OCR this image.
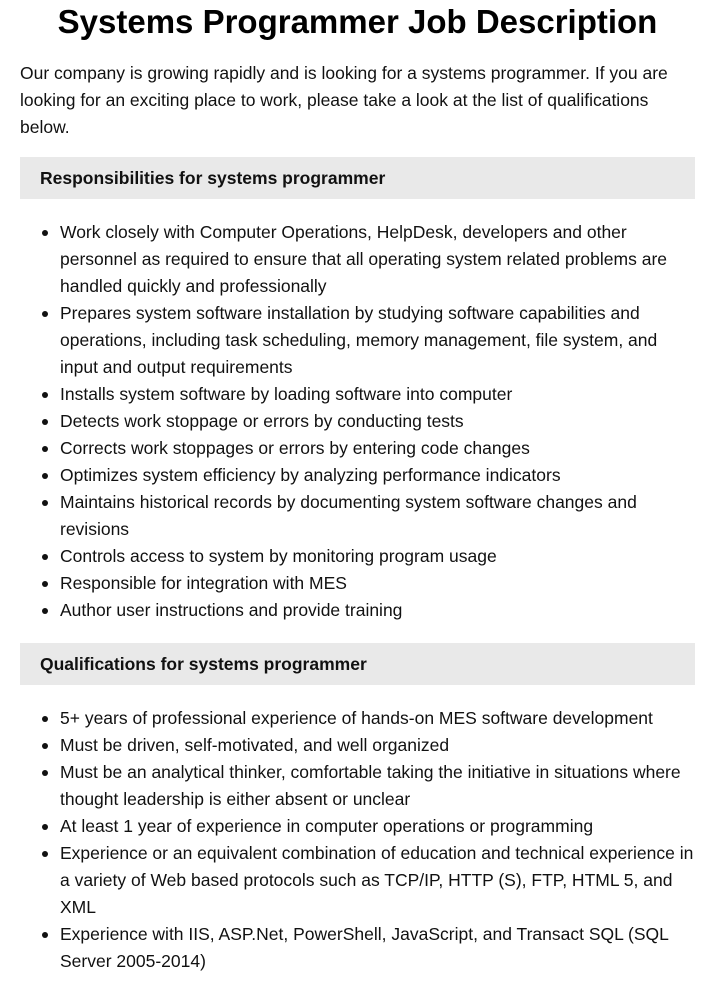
Systems Programmer Job Description

Our company is growing rapidly and is looking for a systems programmer. If you are looking for an exciting place to work, please take a look at the list of qualifications below.

Responsibilities for systems programmer
Work closely with Computer Operations, HelpDesk, developers and other personnel as required to ensure that all operating system related problems are handled quickly and professionally
Prepares system software installation by studying software capabilities and operations, including task scheduling, memory management, file system, and input and output requirements
Installs system software by loading software into computer
Detects work stoppage or errors by conducting tests
Corrects work stoppages or errors by entering code changes
Optimizes system efficiency by analyzing performance indicators
Maintains historical records by documenting system software changes and revisions
Controls access to system by monitoring program usage
Responsible for integration with MES
Author user instructions and provide training
Qualifications for systems programmer
5+ years of professional experience of hands-on MES software development
Must be driven, self-motivated, and well organized
Must be an analytical thinker, comfortable taking the initiative in situations where thought leadership is either absent or unclear
At least 1 year of experience in computer operations or programming
Experience or an equivalent combination of education and technical experience in a variety of Web based protocols such as TCP/IP, HTTP (S), FTP, HTML 5, and XML
Experience with IIS, ASP.Net, PowerShell, JavaScript, and Transact SQL (SQL Server 2005-2014)
